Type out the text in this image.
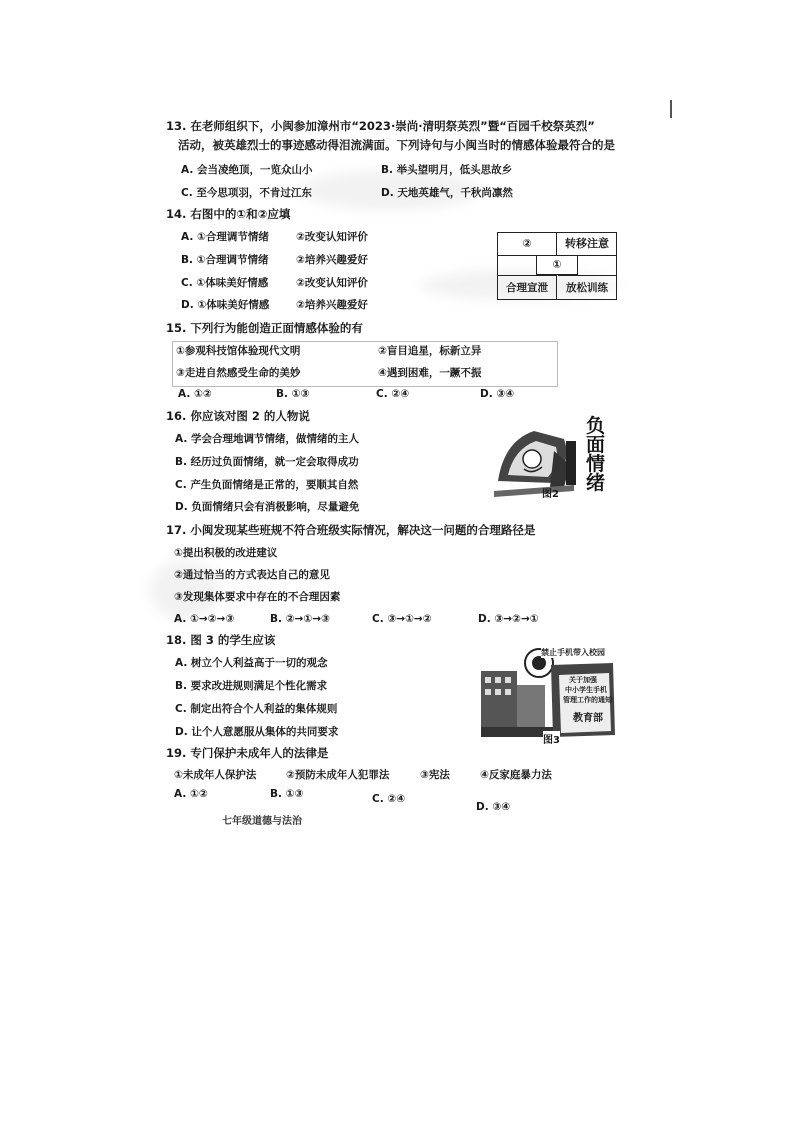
13. 在老师组织下，小闽参加漳州市“2023·崇尚·清明祭英烈”暨“百园千校祭英烈”
活动，被英雄烈士的事迹感动得泪流满面。下列诗句与小闽当时的情感体验最符合的是
A. 会当凌绝顶，一览众山小	B. 举头望明月，低头思故乡
C. 至今思项羽，不肯过江东	D. 天地英雄气，千秋尚凛然
14. 右图中的①和②应填
A. ①合理调节情绪	②改变认知评价
B. ①合理调节情绪	②培养兴趣爱好
C. ①体味美好情感	②改变认知评价
D. ①体味美好情感	②培养兴趣爱好
②	转移注意
①
合理宣泄	放松训练
15. 下列行为能创造正面情感体验的有
①参观科技馆体验现代文明	②盲目追星，标新立异
③走进自然感受生命的美妙	④遇到困难，一蹶不振
A. ①②	B. ①③	C. ②④	D. ③④
16. 你应该对图 2 的人物说
A. 学会合理地调节情绪，做情绪的主人
B. 经历过负面情绪，就一定会取得成功
C. 产生负面情绪是正常的，要顺其自然
D. 负面情绪只会有消极影响，尽量避免
负面情绪
图2
17. 小闽发现某些班规不符合班级实际情况，解决这一问题的合理路径是
①提出积极的改进建议
②通过恰当的方式表达自己的意见
③发现集体要求中存在的不合理因素
A. ①→②→③	B. ②→①→③	C. ③→①→②	D. ③→②→①
18. 图 3 的学生应该
A. 树立个人利益高于一切的观念
B. 要求改进规则满足个性化需求
C. 制定出符合个人利益的集体规则
D. 让个人意愿服从集体的共同要求
禁止手机带入校园
关于加强
中小学生手机
管理工作的通知
教育部
图3
19. 专门保护未成年人的法律是
①未成年人保护法	②预防未成年人犯罪法	③宪法	④反家庭暴力法
A. ①②	B. ①③	C. ②④
D. ③④
七年级道德与法治
